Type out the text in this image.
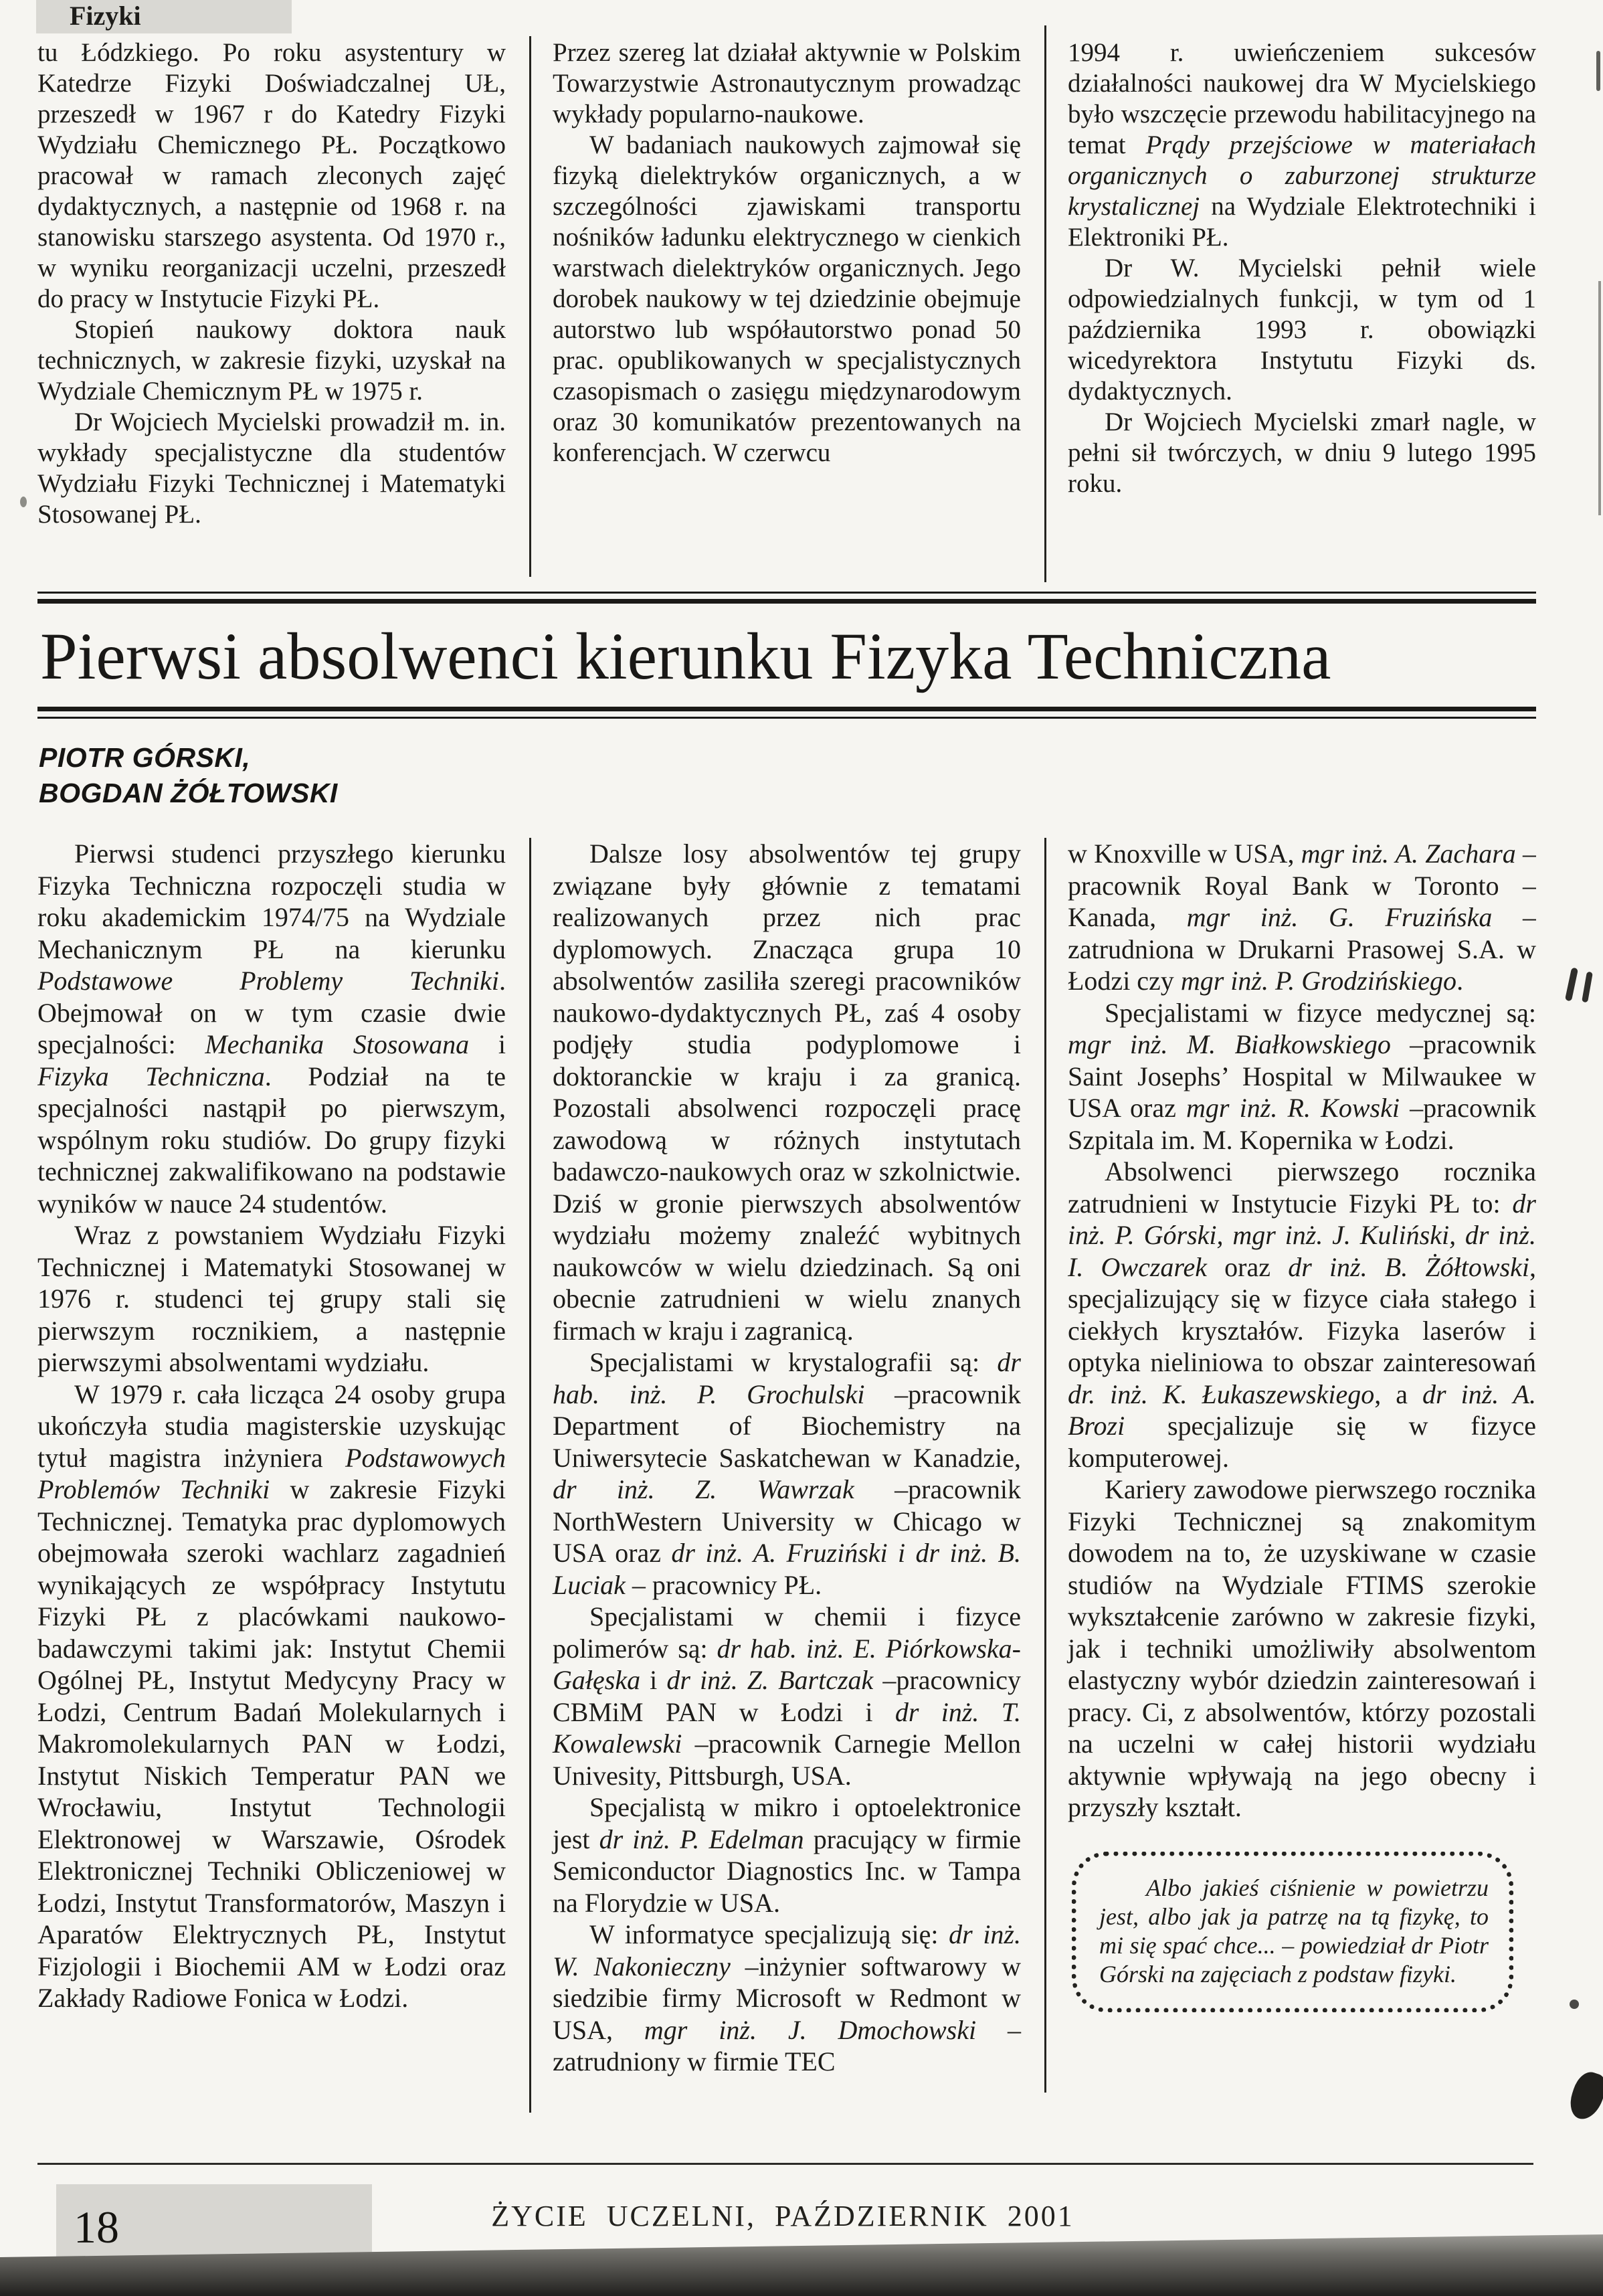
Fizyki

tu Łódzkiego. Po roku asystentury w Katedrze Fizyki Doświadczalnej UŁ, przeszedł w 1967 r do Katedry Fizyki Wydziału Chemicznego PŁ. Początkowo pracował w ramach zleconych zajęć dydaktycznych, a następnie od 1968 r. na stanowisku starszego asystenta. Od 1970 r., w wyniku reorganizacji uczelni, przeszedł do pracy w Instytucie Fizyki PŁ.

Stopień naukowy doktora nauk technicznych, w zakresie fizyki, uzyskał na Wydziale Chemicznym PŁ w 1975 r.

Dr Wojciech Mycielski prowadził m. in. wykłady specjalistyczne dla studentów Wydziału Fizyki Technicznej i Matematyki Stosowanej PŁ.

Przez szereg lat działał aktywnie w Polskim Towarzystwie Astronautycznym prowadząc wykłady popularno-naukowe.

W badaniach naukowych zajmował się fizyką dielektryków organicznych, a w szczególności zjawiskami transportu nośników ładunku elektrycznego w cienkich warstwach dielektryków organicznych. Jego dorobek naukowy w tej dziedzinie obejmuje autorstwo lub współautorstwo ponad 50 prac. opublikowanych w specjalistycznych czasopismach o zasięgu międzynarodowym oraz 30 komunikatów prezentowanych na konferencjach. W czerwcu

1994 r. uwieńczeniem sukcesów działalności naukowej dra W Mycielskiego było wszczęcie przewodu habilitacyjnego na temat Prądy przejściowe w materiałach organicznych o zaburzonej strukturze krystalicznej na Wydziale Elektrotechniki i Elektroniki PŁ.

Dr W. Mycielski pełnił wiele odpowiedzialnych funkcji, w tym od 1 października 1993 r. obowiązki wicedyrektora Instytutu Fizyki ds. dydaktycznych.

Dr Wojciech Mycielski zmarł nagle, w pełni sił twórczych, w dniu 9 lutego 1995 roku.

Pierwsi absolwenci kierunku Fizyka Techniczna
PIOTR GÓRSKI,
BOGDAN ŻÓŁTOWSKI

Pierwsi studenci przyszłego kierunku Fizyka Techniczna rozpoczęli studia w roku akademickim 1974/75 na Wydziale Mechanicznym PŁ na kierunku Podstawowe Problemy Techniki. Obejmował on w tym czasie dwie specjalności: Mechanika Stosowana i Fizyka Techniczna. Podział na te specjalności nastąpił po pierwszym, wspólnym roku studiów. Do grupy fizyki technicznej zakwalifikowano na podstawie wyników w nauce 24 studentów.

Wraz z powstaniem Wydziału Fizyki Technicznej i Matematyki Stosowanej w 1976 r. studenci tej grupy stali się pierwszym rocznikiem, a następnie pierwszymi absolwentami wydziału.

W 1979 r. cała licząca 24 osoby grupa ukończyła studia magisterskie uzyskując tytuł magistra inżyniera Podstawowych Problemów Techniki w zakresie Fizyki Technicznej. Tematyka prac dyplomowych obejmowała szeroki wachlarz zagadnień wynikających ze współpracy Instytutu Fizyki PŁ z placówkami naukowo-badawczymi takimi jak: Instytut Chemii Ogólnej PŁ, Instytut Medycyny Pracy w Łodzi, Centrum Badań Molekularnych i Makromolekularnych PAN w Łodzi, Instytut Niskich Temperatur PAN we Wrocławiu, Instytut Technologii Elektronowej w Warszawie, Ośrodek Elektronicznej Techniki Obliczeniowej w Łodzi, Instytut Transformatorów, Maszyn i Aparatów Elektrycznych PŁ, Instytut Fizjologii i Biochemii AM w Łodzi oraz Zakłady Radiowe Fonica w Łodzi.

Dalsze losy absolwentów tej grupy związane były głównie z tematami realizowanych przez nich prac dyplomowych. Znacząca grupa 10 absolwentów zasiliła szeregi pracowników naukowo-dydaktycznych PŁ, zaś 4 osoby podjęły studia podyplomowe i doktoranckie w kraju i za granicą. Pozostali absolwenci rozpoczęli pracę zawodową w różnych instytutach badawczo-naukowych oraz w szkolnictwie. Dziś w gronie pierwszych absolwentów wydziału możemy znaleźć wybitnych naukowców w wielu dziedzinach. Są oni obecnie zatrudnieni w wielu znanych firmach w kraju i zagranicą.

Specjalistami w krystalografii są: dr hab. inż. P. Grochulski –pracownik Department of Biochemistry na Uniwersytecie Saskatchewan w Kanadzie, dr inż. Z. Wawrzak –pracownik NorthWestern University w Chicago w USA oraz dr inż. A. Fruziński i dr inż. B. Luciak – pracownicy PŁ.

Specjalistami w chemii i fizyce polimerów są: dr hab. inż. E. Piórkowska-Gałęska i dr inż. Z. Bartczak –pracownicy CBMiM PAN w Łodzi i dr inż. T. Kowalewski –pracownik Carnegie Mellon Univesity, Pittsburgh, USA.

Specjalistą w mikro i optoelektronice jest dr inż. P. Edelman pracujący w firmie Semiconductor Diagnostics Inc. w Tampa na Florydzie w USA.

W informatyce specjalizują się: dr inż. W. Nakonieczny –inżynier softwarowy w siedzibie firmy Microsoft w Redmont w USA, mgr inż. J. Dmochowski –zatrudniony w firmie TEC

w Knoxville w USA, mgr inż. A. Zachara –pracownik Royal Bank w Toronto – Kanada, mgr inż. G. Fruzińska –zatrudniona w Drukarni Prasowej S.A. w Łodzi czy mgr inż. P. Grodzińskiego.

Specjalistami w fizyce medycznej są: mgr inż. M. Białkowskiego –pracownik Saint Josephs’ Hospital w Milwaukee w USA oraz mgr inż. R. Kowski –pracownik Szpitala im. M. Kopernika w Łodzi.

Absolwenci pierwszego rocznika zatrudnieni w Instytucie Fizyki PŁ to: dr inż. P. Górski, mgr inż. J. Kuliński, dr inż. I. Owczarek oraz dr inż. B. Żółtowski, specjalizujący się w fizyce ciała stałego i ciekłych kryształów. Fizyka laserów i optyka nieliniowa to obszar zainteresowań dr. inż. K. Łukaszewskiego, a dr inż. A. Brozi specjalizuje się w fizyce komputerowej.

Kariery zawodowe pierwszego rocznika Fizyki Technicznej są znakomitym dowodem na to, że uzyskiwane w czasie studiów na Wydziale FTIMS szerokie wykształcenie zarówno w zakresie fizyki, jak i techniki umożliwiły absolwentom elastyczny wybór dziedzin zainteresowań i pracy. Ci, z absolwentów, którzy pozostali na uczelni w całej historii wydziału aktywnie wpływają na jego obecny i przyszły kształt.

Albo jakieś ciśnienie w powietrzu jest, albo jak ja patrzę na tą fizykę, to mi się spać chce... – powiedział dr Piotr Górski na zajęciach z podstaw fizyki.

18	ŻYCIE UCZELNI, PAŹDZIERNIK 2001
